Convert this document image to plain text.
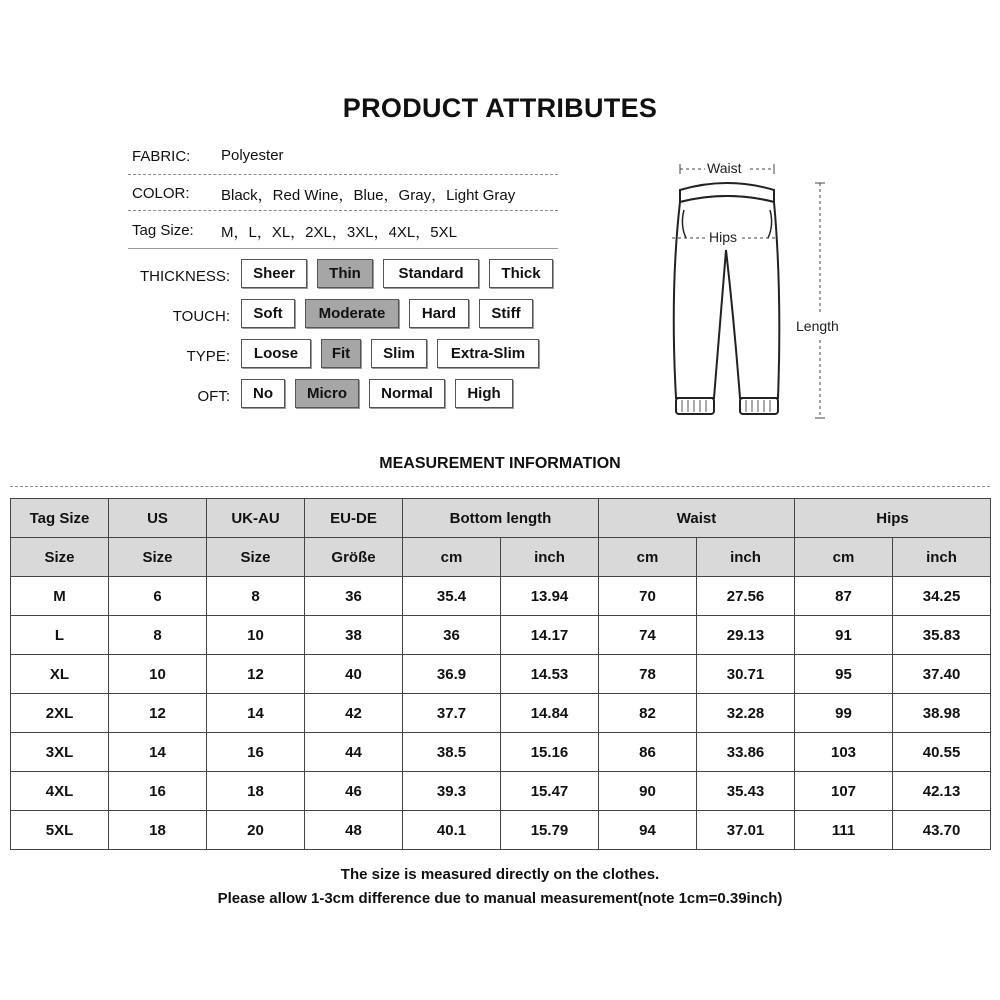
PRODUCT ATTRIBUTES
FABRIC: Polyester
COLOR: Black，Red Wine，Blue，Gray，Light Gray
Tag Size: M，L，XL，2XL，3XL，4XL，5XL
THICKNESS:	Sheer	Thin	Standard	Thick
TOUCH:	Soft	Moderate	Hard	Stiff
TYPE:	Loose	Fit	Slim	Extra-Slim
OFT:	No	Micro	Normal	High
Waist
Hips
Length
MEASUREMENT INFORMATION
Tag Size	US	UK-AU	EU-DE	Bottom length		Waist		Hips	
Size	Size	Size	Größe	cm	inch	cm	inch	cm	inch
M	6	8	36	35.4	13.94	70	27.56	87	34.25
L	8	10	38	36	14.17	74	29.13	91	35.83
XL	10	12	40	36.9	14.53	78	30.71	95	37.40
2XL	12	14	42	37.7	14.84	82	32.28	99	38.98
3XL	14	16	44	38.5	15.16	86	33.86	103	40.55
4XL	16	18	46	39.3	15.47	90	35.43	107	42.13
5XL	18	20	48	40.1	15.79	94	37.01	111	43.70
The size is measured directly on the clothes.
Please allow 1-3cm difference due to manual measurement(note 1cm=0.39inch)
